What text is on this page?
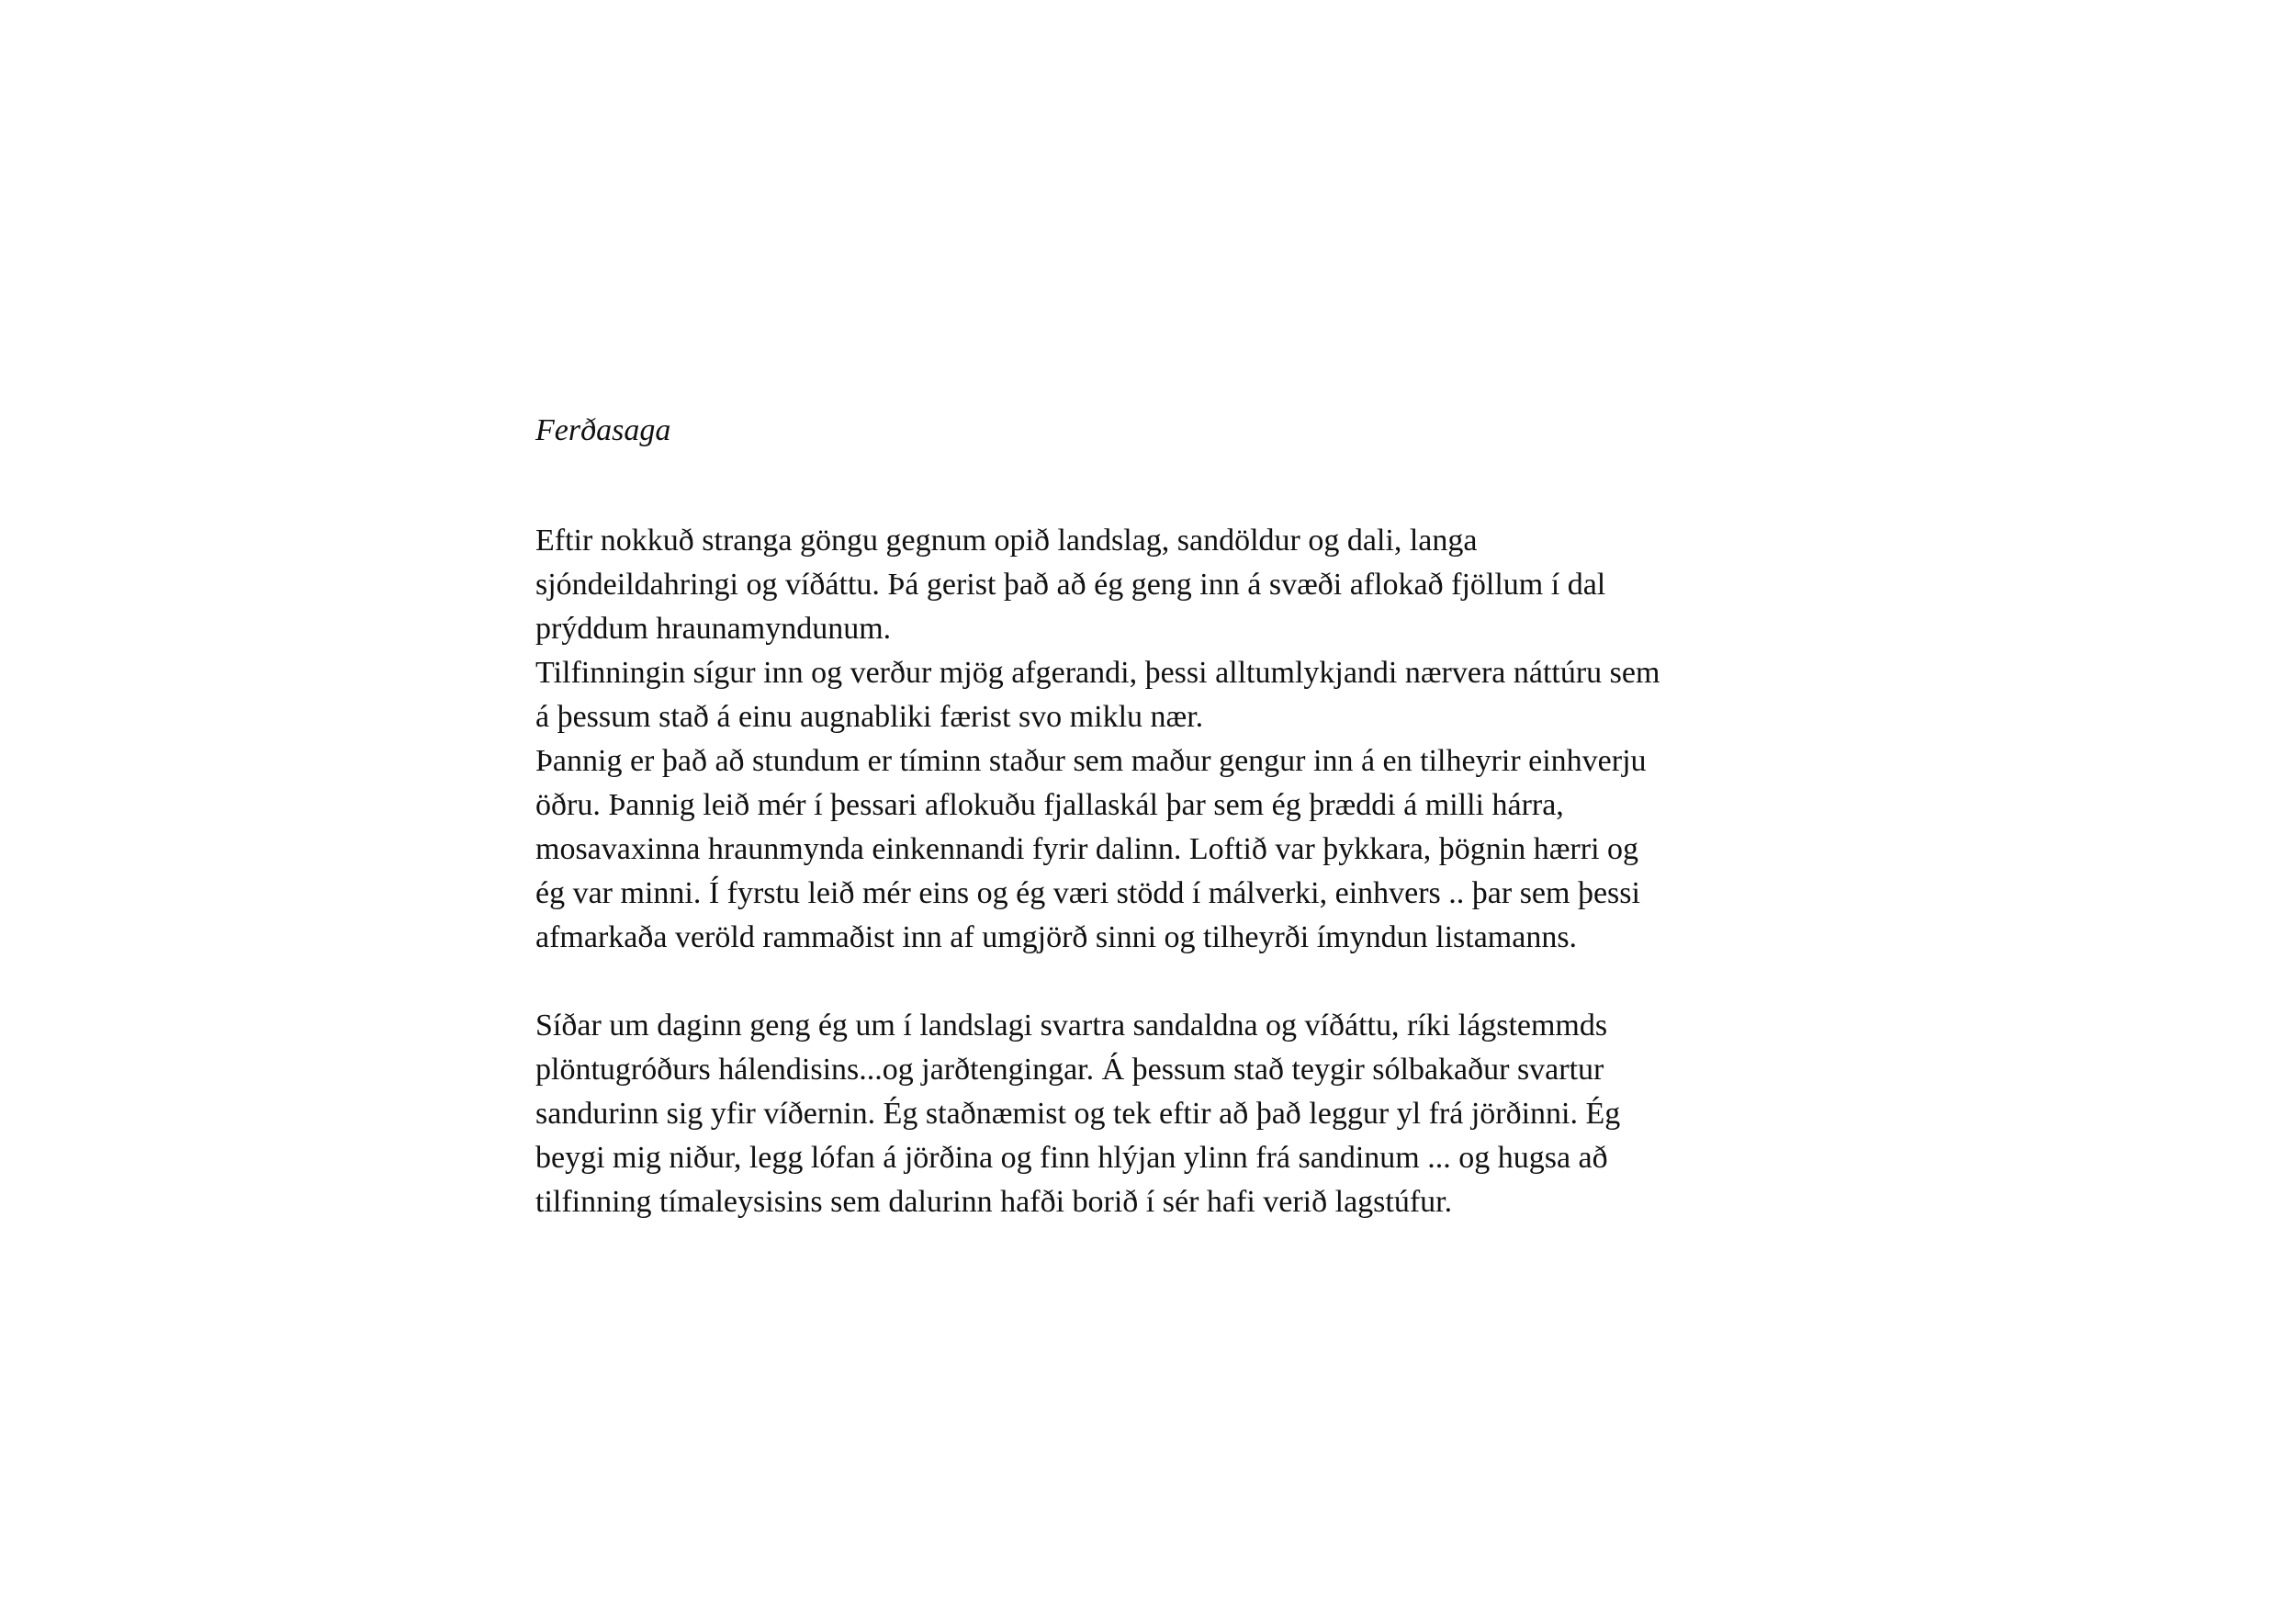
Ferðasaga
Eftir nokkuð stranga göngu gegnum opið landslag, sandöldur og dali, langa
sjóndeildahringi og víðáttu. Þá gerist það að ég geng inn á svæði aflokað fjöllum í dal
prýddum hraunamyndunum.
Tilfinningin sígur inn og verður mjög afgerandi, þessi alltumlykjandi nærvera náttúru sem
á þessum stað á einu augnabliki færist svo miklu nær.
Þannig er það að stundum er tíminn staður sem maður gengur inn á en tilheyrir einhverju
öðru. Þannig leið mér í þessari aflokuðu fjallaskál þar sem ég þræddi á milli hárra,
mosavaxinna hraunmynda einkennandi fyrir dalinn. Loftið var þykkara, þögnin hærri og
ég var minni. Í fyrstu leið mér eins og ég væri stödd í málverki, einhvers .. þar sem þessi
afmarkaða veröld rammaðist inn af umgjörð sinni og tilheyrði ímyndun listamanns.
Síðar um daginn geng ég um í landslagi svartra sandaldna og víðáttu, ríki lágstemmds
plöntugróðurs hálendisins...og jarðtengingar. Á þessum stað teygir sólbakaður svartur
sandurinn sig yfir víðernin. Ég staðnæmist og tek eftir að það leggur yl frá jörðinni. Ég
beygi mig niður, legg lófan á jörðina og finn hlýjan ylinn frá sandinum ... og hugsa að
tilfinning tímaleysisins sem dalurinn hafði borið í sér hafi verið lagstúfur.
